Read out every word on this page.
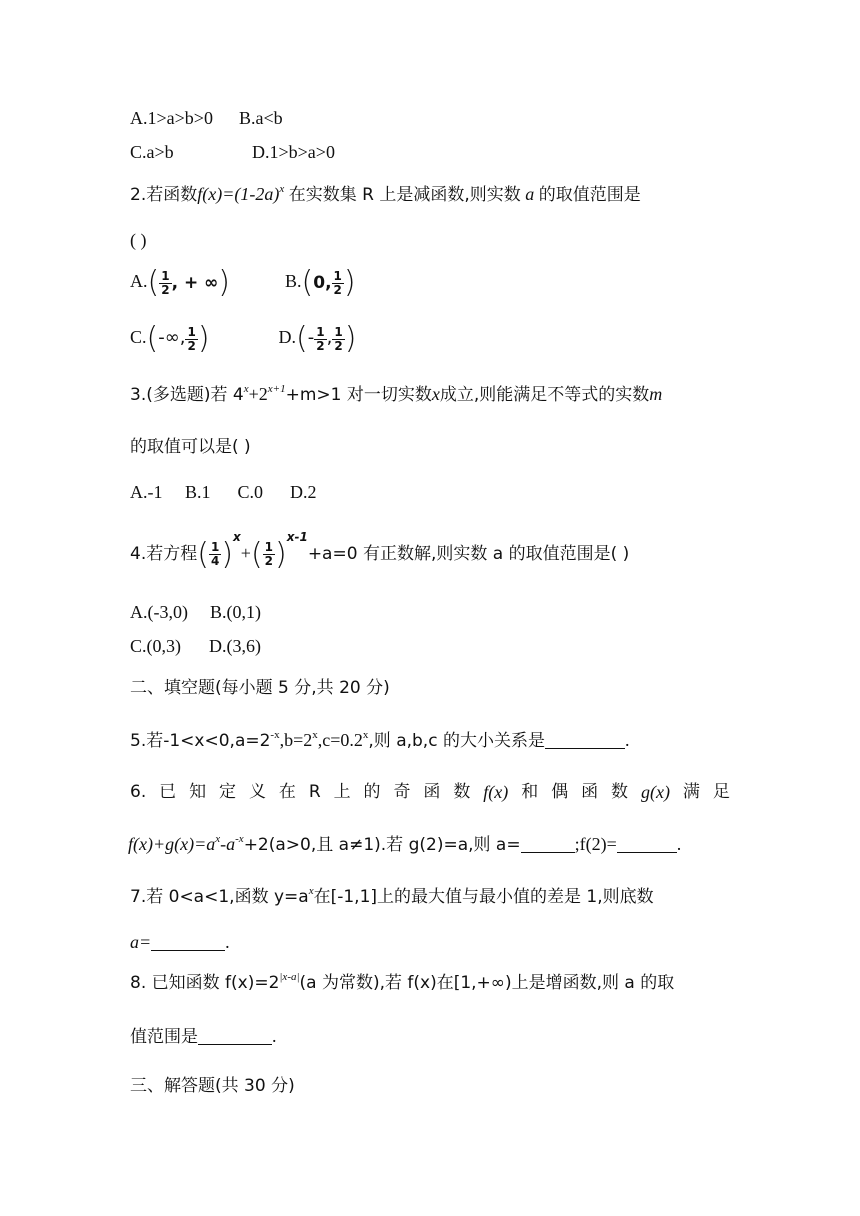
A.1>a>b>0 B.a<b
C.a>b	D.1>b>a>0
2.若函数$f(x)=(1-2a)^x$ 在实数集 R 上是减函数,则实数 a 的取值范围是
( )
$A.( \frac{1}{2}$ , + ∞)	B.(0, $\frac{1}{2}$ )
C.(-∞, $\frac{1}{2}$ )	$D.(- \frac{1}{2}$ , $\frac{1}{2}$ )
3.(多选题)若 $4^x+2^{x+1}+m>1$ 对一切实数x成立,则能满足不等式的实数m
的取值可以是( )
A.-1     B.1      C.0      D.2
4.若方程( $\frac{1}{4} )^x+( \frac{1}{2} )^{x-1}+a=0$ 有正数解,则实数 a 的取值范围是( )
A.(-3,0) B.(0,1)
C.(0,3) D.(3,6)
二、填空题(每小题 5 分,共 20 分)
5.若$-1<x<0,a=2^{-x},b=2^x,c=0.2^x$,则 a,b,c 的大小关系是	.
6. 已 知 定 义 在 R 上 的 奇 函 数 f(x) 和 偶 函 数 g(x) 满 足
$f(x)+g(x)=a^x-a^{-x}+2(a>0$,且 a≠1).若 g(2)=a,则 a=	;f(2)=	.
7.若 0<a<1,函数 $y=a^x$在[-1,1]上的最大值与最小值的差是 1,则底数
a=	.
8. 已知函数 $f(x)=2^{|x-a|}(a$ 为常数),若 f(x)在[1,+∞)上是增函数,则 a 的取
值范围是	.
三、解答题(共 30 分)
